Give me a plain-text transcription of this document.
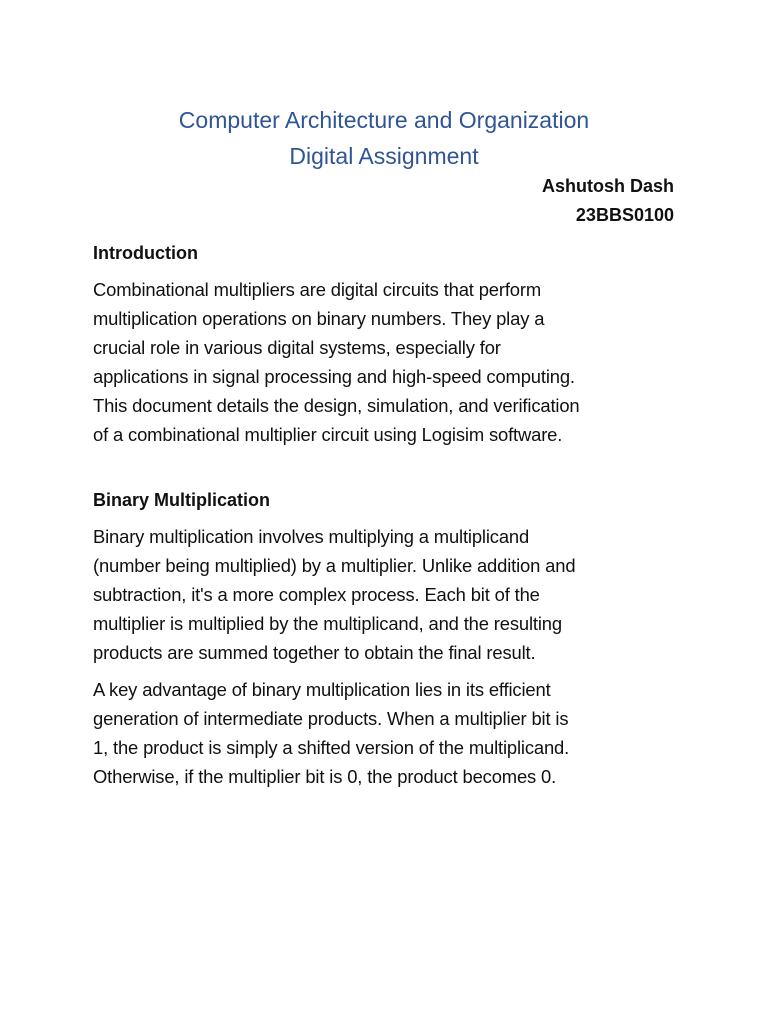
Computer Architecture and Organization
Digital Assignment
Ashutosh Dash
23BBS0100

Introduction

Combinational multipliers are digital circuits that perform
multiplication operations on binary numbers. They play a
crucial role in various digital systems, especially for
applications in signal processing and high-speed computing.
This document details the design, simulation, and verification
of a combinational multiplier circuit using Logisim software.

Binary Multiplication

Binary multiplication involves multiplying a multiplicand
(number being multiplied) by a multiplier. Unlike addition and
subtraction, it's a more complex process. Each bit of the
multiplier is multiplied by the multiplicand, and the resulting
products are summed together to obtain the final result.

A key advantage of binary multiplication lies in its efficient
generation of intermediate products. When a multiplier bit is
1, the product is simply a shifted version of the multiplicand.
Otherwise, if the multiplier bit is 0, the product becomes 0.
